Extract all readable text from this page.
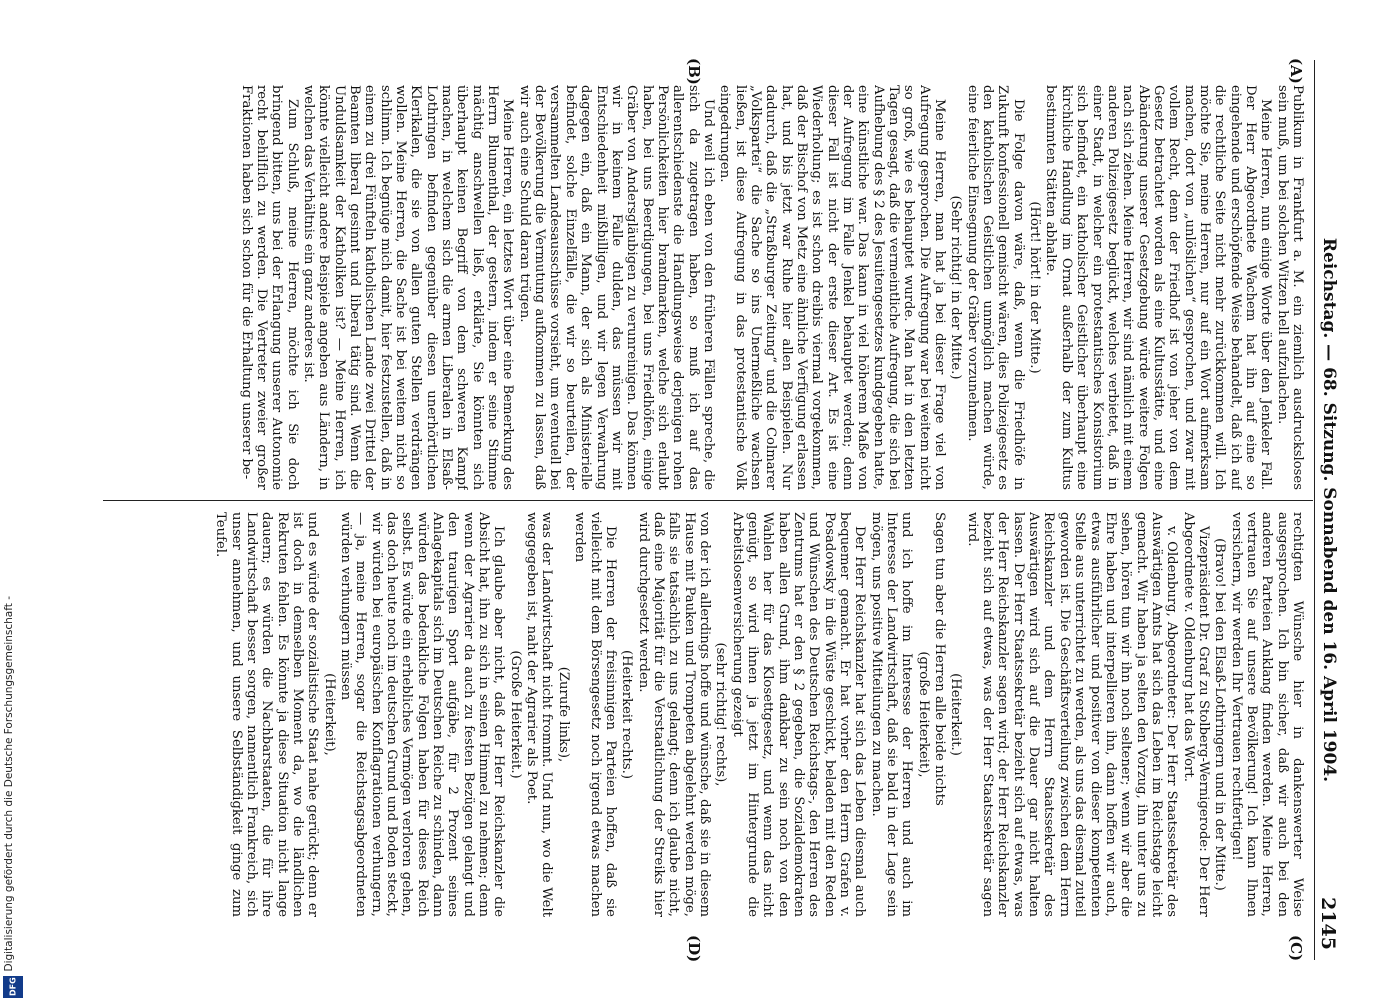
Reichstag. — 68. Sitzung. Sonnabend den 16. April 1904.
2145
(A)
(B)
(C)
(D)

Publikum in Frankfurt a. M. ein ziemlich ausdrucksloses sein muß, um bei solchen Witzen hell aufzulachen.

Meine Herren, nun einige Worte über den Jenkeler Fall. Der Herr Abgeordnete Wachem hat ihn auf eine so eingehende und erschöpfende Weise behandelt, daß ich auf die rechtliche Seite nicht mehr zurückkommen will. Ich möchte Sie, meine Herren, nur auf ein Wort aufmerksam machen, dort von „unlöslichen“ gesprochen, und zwar mit vollem Recht, denn der Friedhof ist von jeher von dem Gesetz betrachtet worden als eine Kultusstätte, und eine Abänderung unserer Gesetzgebung würde weitere Folgen nach sich ziehen. Meine Herren, wir sind nämlich mit einem anderen Polizeigesetz beglückt, welches verbietet, daß in einer Stadt, in welcher ein protestantisches Konsistorium sich befindet, ein katholischer Geistlicher überhaupt eine kirchliche Handlung im Ornat außerhalb der zum Kultus bestimmten Stätten abhalte.

(Hört! hört! in der Mitte.)

Die Folge davon wäre, daß, wenn die Friedhöfe in Zukunft konfessionell gemischt wären, dies Polizeigesetz es den katholischen Geistlichen unmöglich machen würde, eine feierliche Einsegnung der Gräber vorzunehmen.

(Sehr richtig! in der Mitte.)

Meine Herren, man hat ja bei dieser Frage viel von Aufregung gesprochen. Die Aufregung war bei weitem nicht so groß, wie es behauptet wurde. Man hat in den letzten Tagen gesagt, daß die vermeintliche Aufregung, die sich bei Aufhebung des § 2 des Jesuitengesetzes kundgegeben hatte, eine künstliche war. Das kann in viel höherem Maße von der Aufregung im Falle Jenkel behauptet werden; denn dieser Fall ist nicht der erste dieser Art. Es ist eine Wiederholung; es ist schon dreibis viermal vorgekommen, daß der Bischof von Metz eine ähnliche Verfügung erlassen hat, und bis jetzt war Ruhe hier allen Beispielen. Nur dadurch, daß die „Straßburger Zeitung“ und die Colmarer „Volkspartei“ die Sache so ins Unermeßliche wachsen ließen, ist diese Aufregung in das protestantische Volk eingedrungen.

Und weil ich eben von den früheren Fällen spreche, die sich da zugetragen haben, so muß ich auf das allerentschiedenste die Handlungsweise derjenigen rohen Persönlichkeiten hier brandmarken, welche sich erlaubt haben, bei uns Beerdigungen, bei uns Friedhöfen, einige Gräber von Andersgläubigen zu verunreinigen. Das können wir in keinem Falle dulden, das müssen wir mit Entschiedenheit mißbilligen, und wir legen Verwahrung dagegen ein, daß ein Mann, der sich als Ministerielle befindet, solche Einzelfälle, die wir so beurteilen, der versammelten Landesausschüsse vorsieht, um eventuell bei der Bevölkerung die Vermutung aufkommen zu lassen, daß wir auch eine Schuld daran trügen.

Meine Herren, ein letztes Wort über eine Bemerkung des Herrn Blumenthal, der gestern, indem er seine Stimme mächtig anschwellen ließ, erklärte, Sie könnten sich überhaupt keinen Begriff von dem schweren Kampf machen, in welchem sich die armen Liberalen in Elsaß-Lothringen befinden gegenüber diesen unerhörtlichen Klerikalen, die sie von allen guten Stellen verdrängen wollen. Meine Herren, die Sache ist bei weitem nicht so schlimm. Ich begnüge mich damit, hier festzustellen, daß in einem zu drei Fünfteln katholischen Lande zwei Drittel der Beamten liberal gesinnt und liberal tätig sind. Wenn die Unduldsamkeit der Katholiken ist? — Meine Herren, ich könnte vielleicht andere Beispiele angeben aus Ländern, in welchen das Verhältnis ein ganz anderes ist.

Zum Schluß, meine Herren, möchte ich Sie doch bringend bitten, uns bei der Erlangung unserer Autonomie recht behilflich zu werden. Die Vertreter zweier großer Fraktionen haben sich schon für die Erhaltung unserer be-

rechtigten Wünsche hier in dankenswerter Weise ausgesprochen. Ich bin sicher, daß wir auch bei den anderen Parteien Anklang finden werden. Meine Herren, vertrauen Sie auf unsere Bevölkerung! Ich kann Ihnen versichern, wir werden Ihr Vertrauen rechtfertigen!

(Bravo! bei den Elsaß-Lothringern und in der Mitte.)

Vizepräsident Dr. Graf zu Stolberg-Wernigerode: Der Herr Abgeordnete v. Oldenburg hat das Wort.

v. Oldenburg, Abgeordneter: Der Herr Staatssekretär des Auswärtigen Amts hat sich das Leben im Reichstage leicht gemacht. Wir haben ja selten den Vorzug, ihn unter uns zu sehen, hören tun wir ihn noch seltener; wenn wir aber die Ehre haben und interpellieren ihn, dann hoffen wir auch, etwas ausführlicher und positiver von dieser kompetenten Stelle aus unterrichtet zu werden, als uns das diesmal zuteil geworden ist. Die Geschäftsverteilung zwischen dem Herrn Reichskanzler und dem Herrn Staatssekretär des Auswärtigen wird sich auf die Dauer gar nicht halten lassen. Der Herr Staatssekretär bezieht sich auf etwas, was der Herr Reichskanzler sagen wird; der Herr Reichskanzler bezieht sich auf etwas, was der Herr Staatssekretär sagen wird.

(Heiterkeit.)

Sagen tun aber die Herren alle beide nichts

(große Heiterkeit),

und ich hoffe im Interesse der Herren und auch im Interesse der Landwirtschaft, daß sie bald in der Lage sein mögen, uns positive Mitteilungen zu machen.

Der Herr Reichskanzler hat sich das Leben diesmal auch bequemer gemacht. Er hat vorher den Herrn Grafen v. Posadowsky in die Wüste geschickt, beladen mit den Reden und Wünschen des Deutschen Reichstags-, den Herren des Zentrums hat er den § 2 gegeben, die Sozialdemokraten haben allen Grund, ihm dankbar zu sein noch von den Wahlen her für das Klosettgesetz, und wenn das nicht genügt, so wird ihnen ja jetzt im Hintergrunde die Arbeitslosenversicherung gezeigt

(sehr richtig! rechts),

von der ich allerdings hoffe und wünsche, daß sie in diesem Hause mit Pauken und Trompeten abgelehnt werden möge, falls sie tatsächlich zu uns gelangt; denn ich glaube nicht, daß eine Majorität für die Verstaatlichung der Streiks hier wird durchgesetzt werden.

(Heiterkeit rechts.)

Die Herren der freisinnigen Parteien hoffen, daß sie vielleicht mit dem Börsengesetz noch irgend etwas machen werden

(Zurufe links),

was der Landwirtschaft nicht frommt. Und nun, wo die Welt weggegeben ist, naht der Agrarier als Poet.

(Große Heiterkeit.)

Ich glaube aber nicht, daß der Herr Reichskanzler die Absicht hat, ihn zu sich in seinen Himmel zu nehmen; denn wenn der Agrarier da auch zu festen Bezügen gelangt und den traurigen Sport aufgäbe, für 2 Prozent seines Anlagekapitals sich im Deutschen Reiche zu schinden, dann würden das bedenkliche Folgen haben für dieses Reich selbst. Es würde ein erhebliches Vermögen verloren gehen, das doch heute noch im deutschen Grund und Boden steckt, wir würden bei europäischen Konflagrationen verhungern, — ja, meine Herren, sogar die Reichstagsabgeordneten würden verhungern müssen

(Heiterkeit),

und es würde der sozialistische Staat nahe gerückt; denn er ist doch in demselben Moment da, wo die ländlichen Rekruten fehlen. Es könnte ja diese Situation nicht lange dauern; es würden die Nachbarstaaten, die für ihre Landwirtschaft besser sorgen, namentlich Frankreich, sich unser annehmen, und unsere Selbständigkeit ginge zum Teufel.

Digitalisierung gefördert durch die Deutsche Forschungsgemeinschaft -
DFG
